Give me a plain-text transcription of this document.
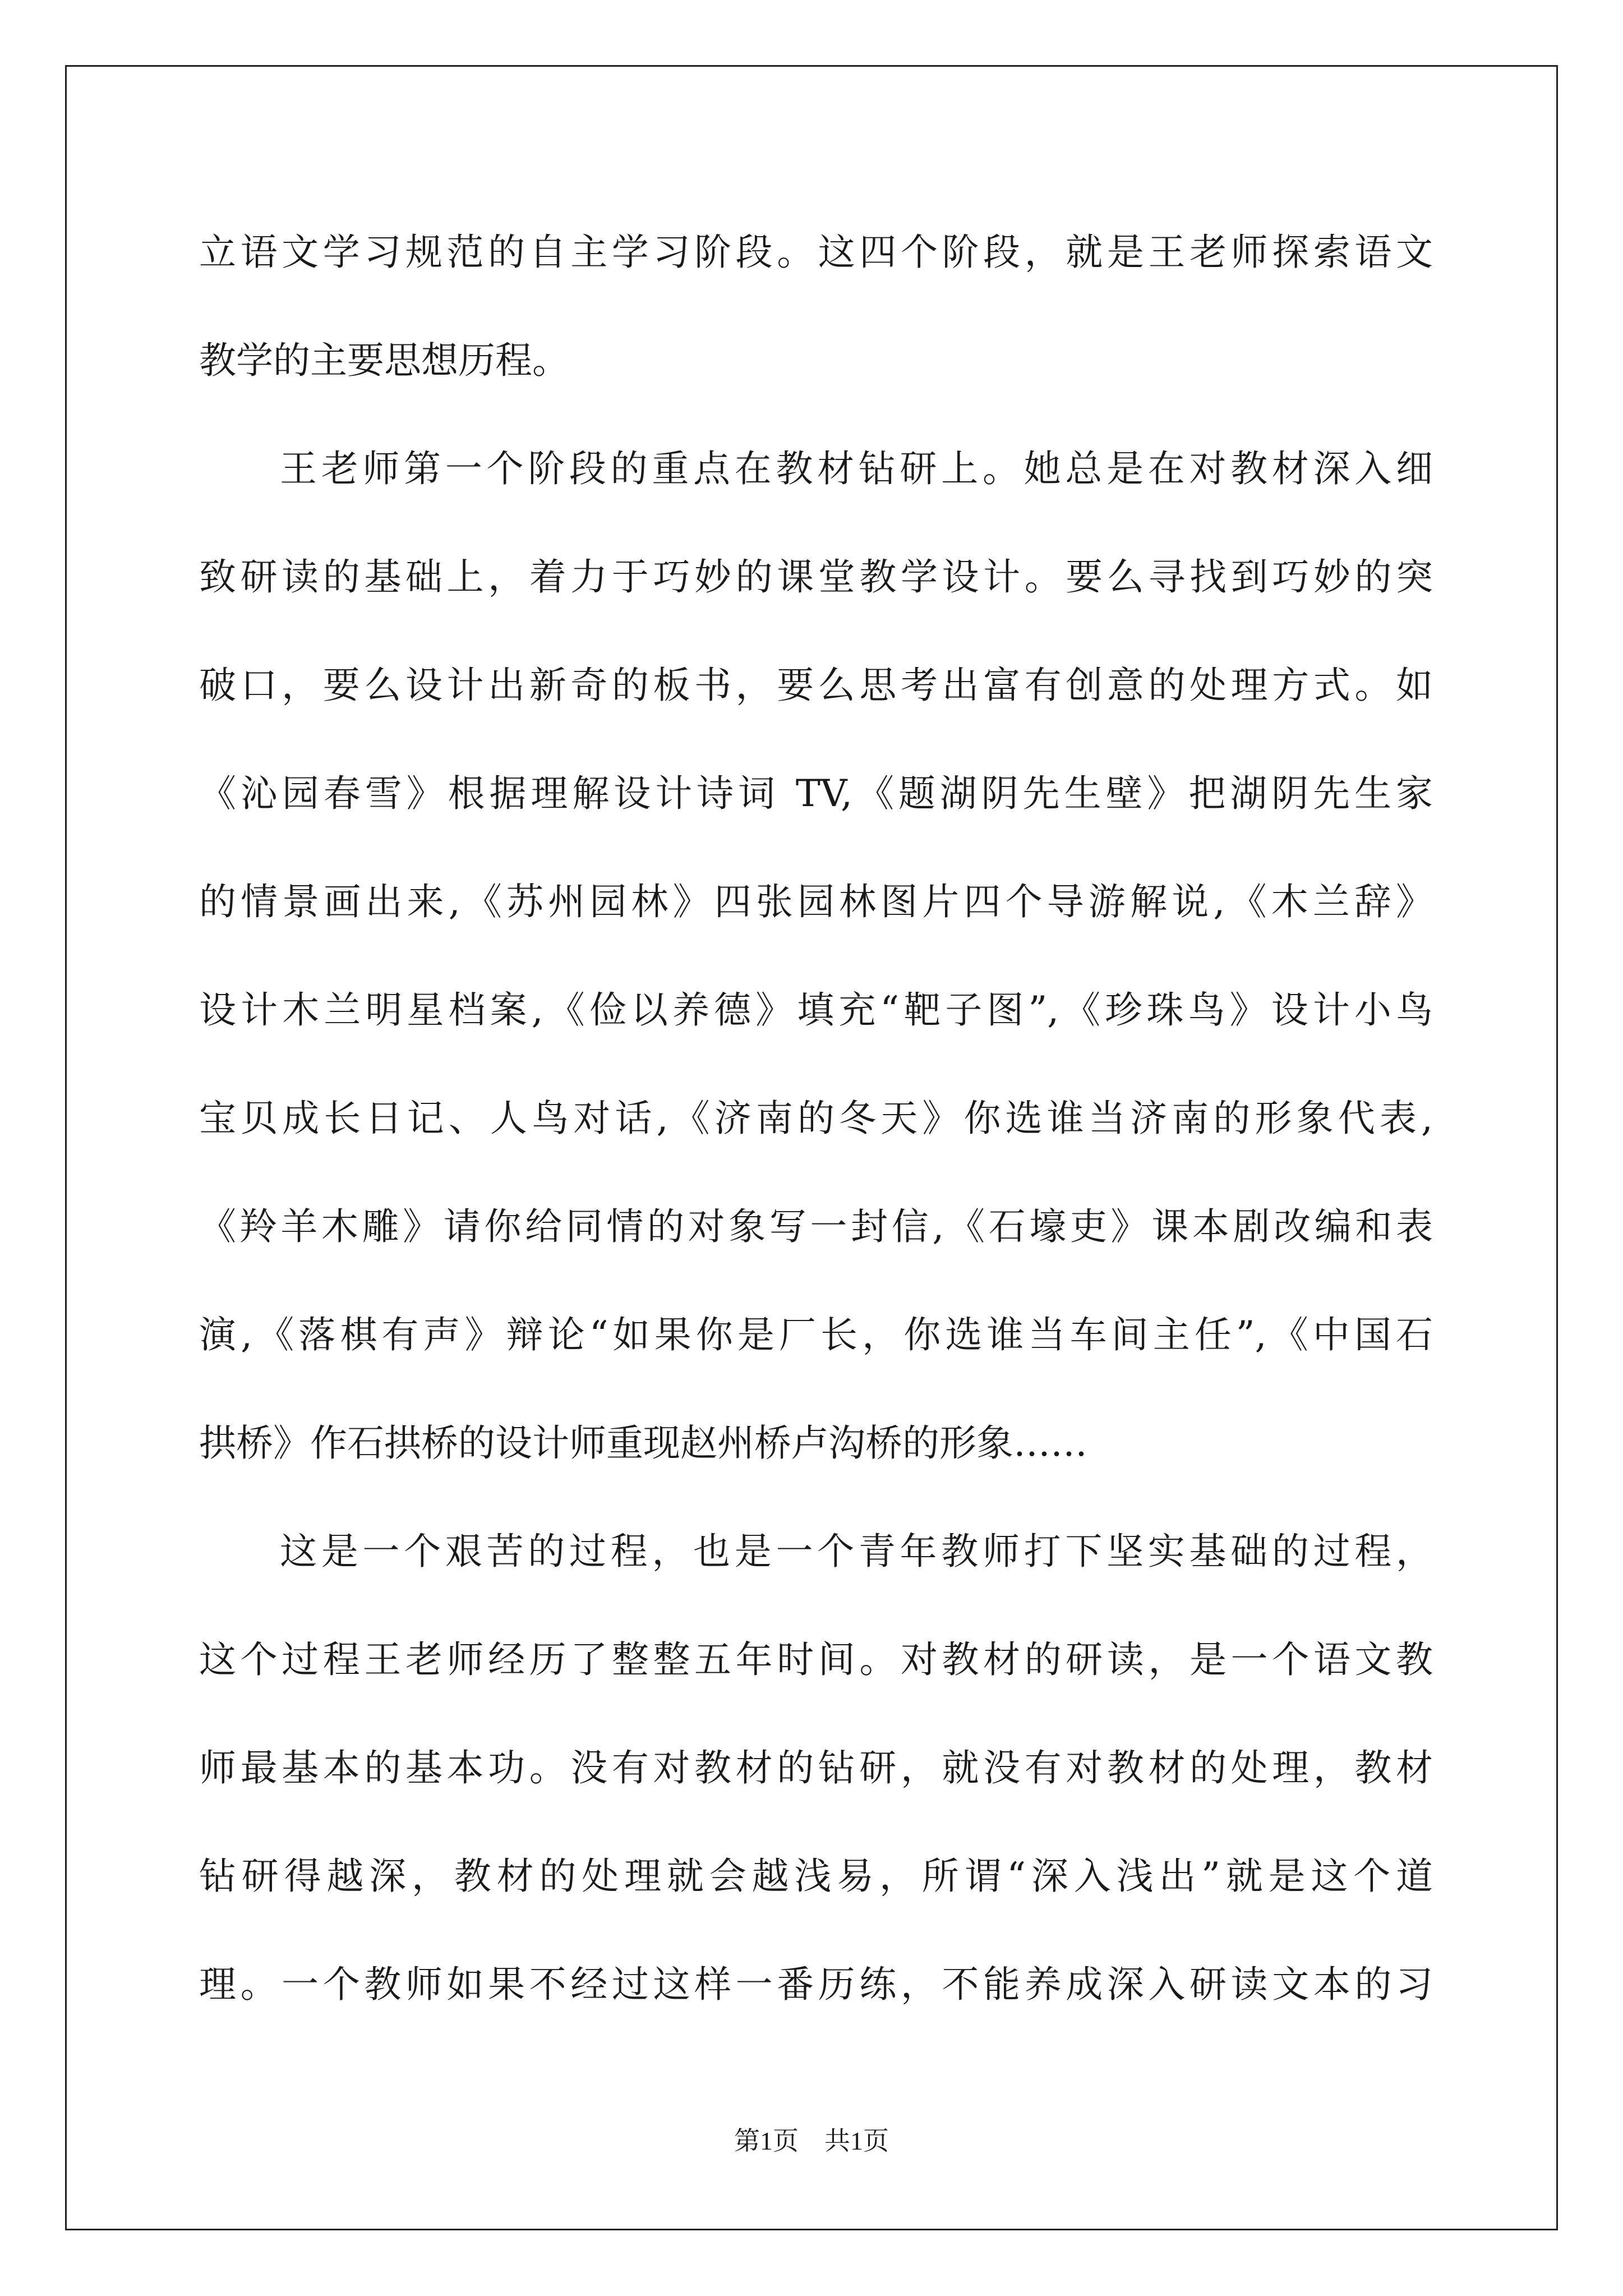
立语文学习规范的自主学习阶段。这四个阶段，就是王老师探索语文
教学的主要思想历程。
王老师第一个阶段的重点在教材钻研上。她总是在对教材深入细
致研读的基础上，着力于巧妙的课堂教学设计。要么寻找到巧妙的突
破口，要么设计出新奇的板书，要么思考出富有创意的处理方式。如
《沁园春雪》根据理解设计诗词 TV,《题湖阴先生壁》把湖阴先生家
的情景画出来,《苏州园林》四张园林图片四个导游解说,《木兰辞》
设计木兰明星档案,《俭以养德》填充“靶子图”,《珍珠鸟》设计小鸟
宝贝成长日记、人鸟对话,《济南的冬天》你选谁当济南的形象代表,
《羚羊木雕》请你给同情的对象写一封信,《石壕吏》课本剧改编和表
演,《落棋有声》辩论“如果你是厂长，你选谁当车间主任”,《中国石
拱桥》作石拱桥的设计师重现赵州桥卢沟桥的形象……
这是一个艰苦的过程，也是一个青年教师打下坚实基础的过程，
这个过程王老师经历了整整五年时间。对教材的研读，是一个语文教
师最基本的基本功。没有对教材的钻研，就没有对教材的处理，教材
钻研得越深，教材的处理就会越浅易，所谓“深入浅出”就是这个道
理。一个教师如果不经过这样一番历练，不能养成深入研读文本的习
第1页 共1页
